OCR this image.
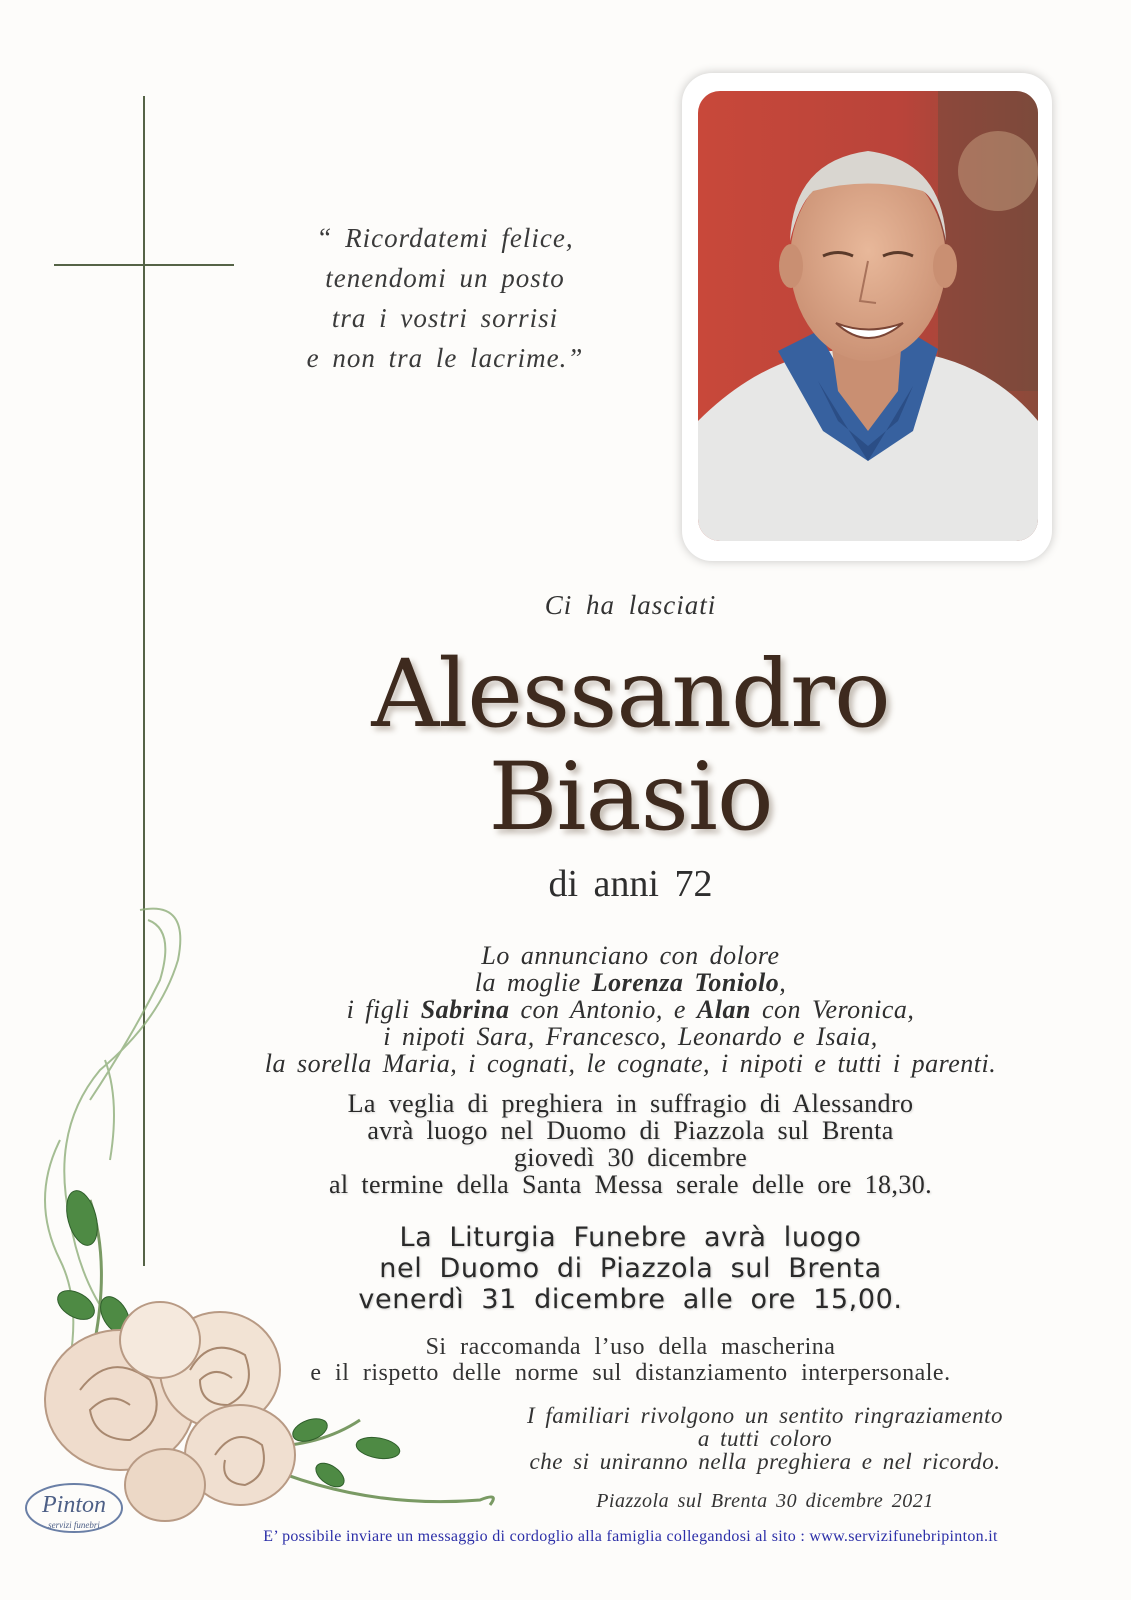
“ Ricordatemi felice,
tenendomi un posto
tra i vostri sorrisi
e non tra le lacrime.”
Ci ha lasciati
Alessandro
Biasio
di anni 72
Lo annunciano con dolore
la moglie Lorenza Toniolo,
i figli Sabrina con Antonio, e Alan con Veronica,
i nipoti Sara, Francesco, Leonardo e Isaia,
la sorella Maria, i cognati, le cognate, i nipoti e tutti i parenti.
La veglia di preghiera in suffragio di Alessandro
avrà luogo nel Duomo di Piazzola sul Brenta
giovedì 30 dicembre
al termine della Santa Messa serale delle ore 18,30.
La Liturgia Funebre avrà luogo
nel Duomo di Piazzola sul Brenta
venerdì 31 dicembre alle ore 15,00.
Si raccomanda l’uso della mascherina
e il rispetto delle norme sul distanziamento interpersonale.
I familiari rivolgono un sentito ringraziamento
a tutti coloro
che si uniranno nella preghiera e nel ricordo.
Piazzola sul Brenta 30 dicembre 2021
Pinton
servizi funebri
E’ possibile inviare un messaggio di cordoglio alla famiglia collegandosi al sito : www.servizifunebripinton.it
